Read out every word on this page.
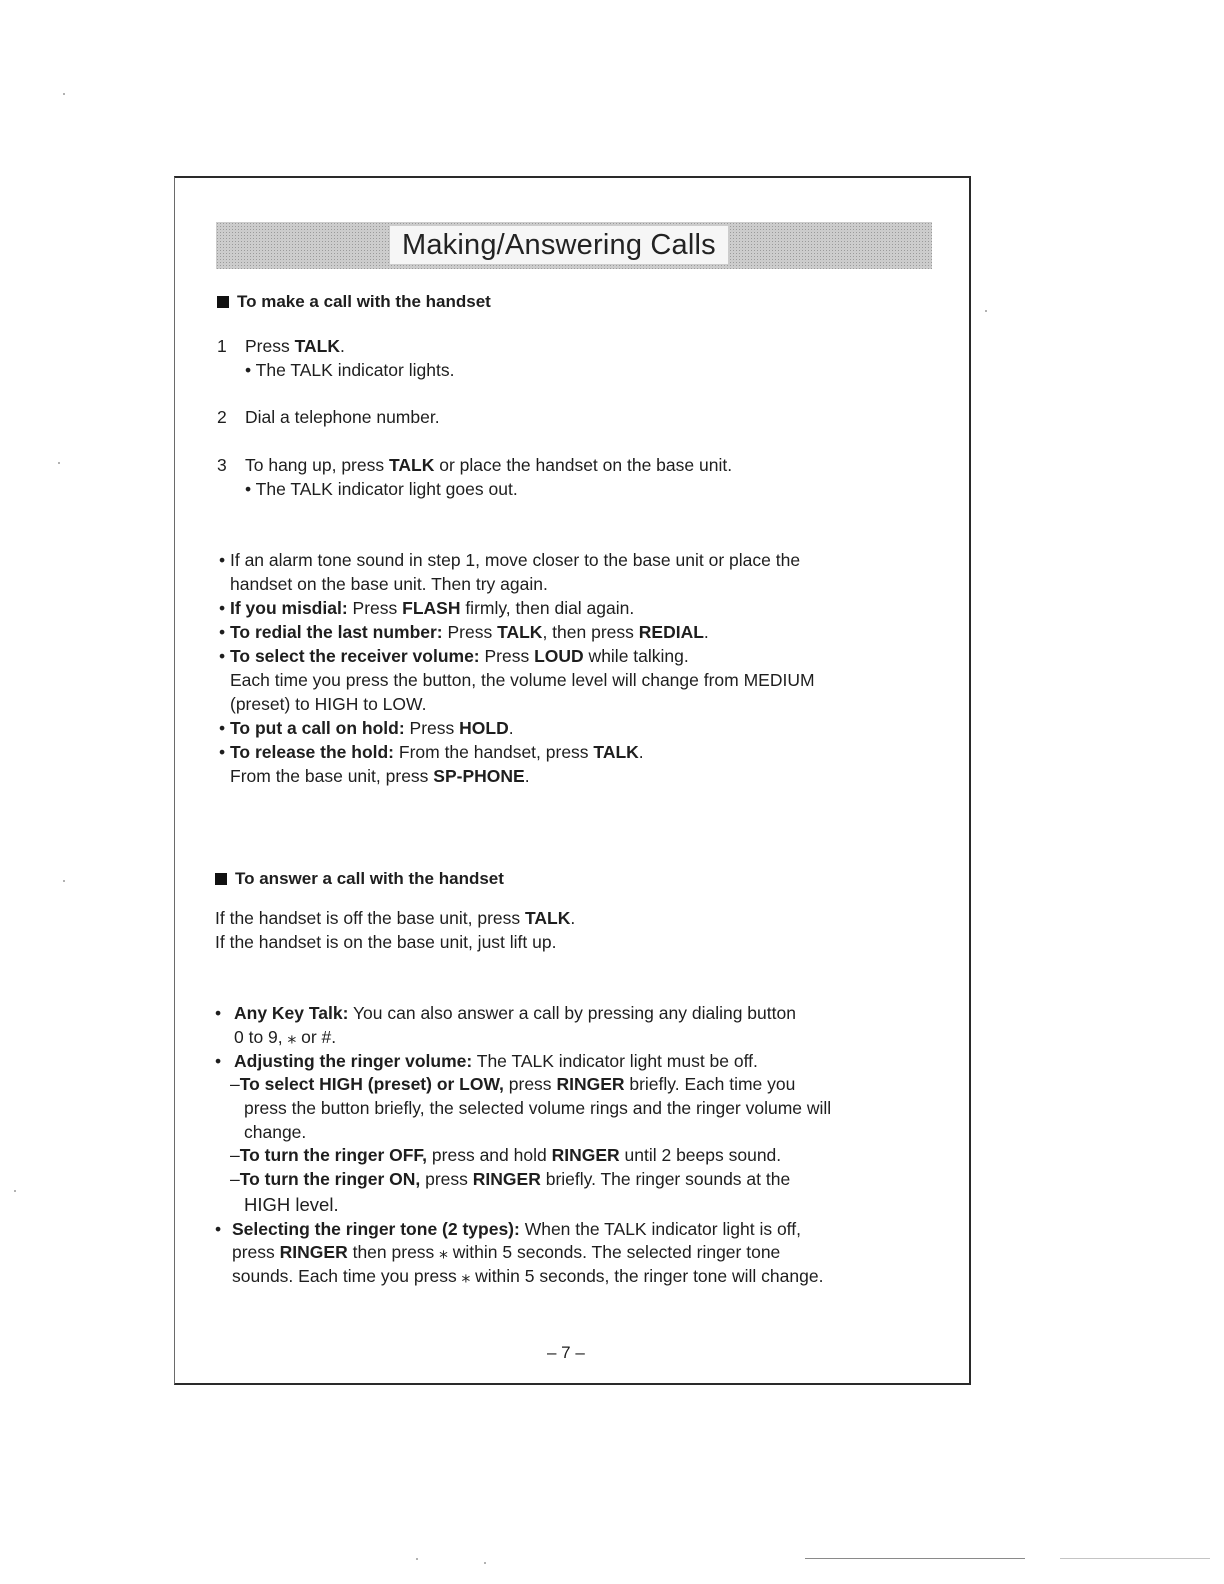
Making/Answering Calls
To make a call with the handset
1 Press TALK.
• The TALK indicator lights.
2 Dial a telephone number.
3 To hang up, press TALK or place the handset on the base unit.
• The TALK indicator light goes out.
• If an alarm tone sound in step 1, move closer to the base unit or place the
handset on the base unit. Then try again.
• If you misdial: Press FLASH firmly, then dial again.
• To redial the last number: Press TALK, then press REDIAL.
• To select the receiver volume: Press LOUD while talking.
Each time you press the button, the volume level will change from MEDIUM
(preset) to HIGH to LOW.
• To put a call on hold: Press HOLD.
• To release the hold: From the handset, press TALK.
From the base unit, press SP-PHONE.
To answer a call with the handset
If the handset is off the base unit, press TALK.
If the handset is on the base unit, just lift up.
• Any Key Talk: You can also answer a call by pressing any dialing button
0 to 9, ⁎ or #.
• Adjusting the ringer volume: The TALK indicator light must be off.
–To select HIGH (preset) or LOW, press RINGER briefly. Each time you
press the button briefly, the selected volume rings and the ringer volume will
change.
–To turn the ringer OFF, press and hold RINGER until 2 beeps sound.
–To turn the ringer ON, press RINGER briefly. The ringer sounds at the
HIGH level.
• Selecting the ringer tone (2 types): When the TALK indicator light is off,
press RINGER then press ⁎ within 5 seconds. The selected ringer tone
sounds. Each time you press ⁎ within 5 seconds, the ringer tone will change.
– 7 –
